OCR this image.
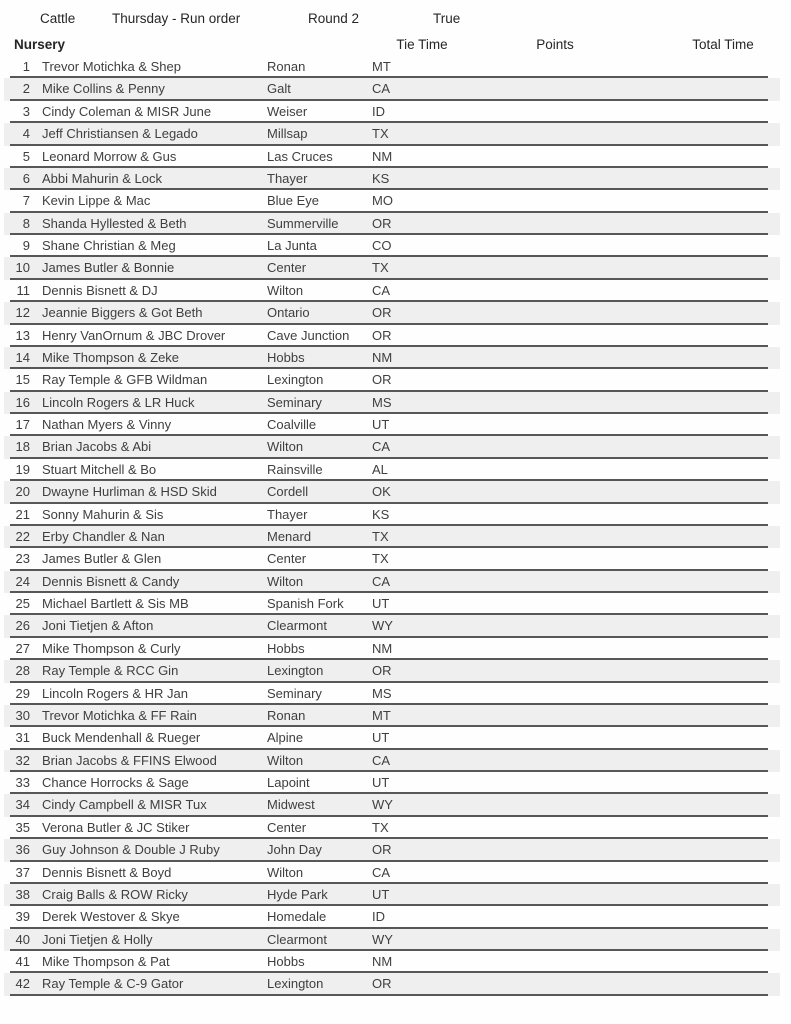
Cattle	Thursday - Run order	Round 2	True
Nursery	Tie Time	Points	Total Time
1 Trevor Motichka & Shep	Ronan	MT
2 Mike Collins & Penny	Galt	CA
3 Cindy Coleman & MISR June	Weiser	ID
4 Jeff Christiansen & Legado	Millsap	TX
5 Leonard Morrow & Gus	Las Cruces	NM
6 Abbi Mahurin & Lock	Thayer	KS
7 Kevin Lippe & Mac	Blue Eye	MO
8 Shanda Hyllested & Beth	Summerville	OR
9 Shane Christian & Meg	La Junta	CO
10 James Butler & Bonnie	Center	TX
11 Dennis Bisnett & DJ	Wilton	CA
12 Jeannie Biggers & Got Beth	Ontario	OR
13 Henry VanOrnum & JBC Drover	Cave Junction OR
14 Mike Thompson & Zeke	Hobbs	NM
15 Ray Temple & GFB Wildman	Lexington	OR
16 Lincoln Rogers & LR Huck	Seminary	MS
17 Nathan Myers & Vinny	Coalville	UT
18 Brian Jacobs & Abi	Wilton	CA
19 Stuart Mitchell & Bo	Rainsville	AL
20 Dwayne Hurliman & HSD Skid	Cordell	OK
21 Sonny Mahurin & Sis	Thayer	KS
22 Erby Chandler & Nan	Menard	TX
23 James Butler & Glen	Center	TX
24 Dennis Bisnett & Candy	Wilton	CA
25 Michael Bartlett & Sis MB	Spanish Fork UT
26 Joni Tietjen & Afton	Clearmont	WY
27 Mike Thompson & Curly	Hobbs	NM
28 Ray Temple & RCC Gin	Lexington	OR
29 Lincoln Rogers & HR Jan	Seminary	MS
30 Trevor Motichka & FF Rain	Ronan	MT
31 Buck Mendenhall & Rueger	Alpine	UT
32 Brian Jacobs & FFINS Elwood	Wilton	CA
33 Chance Horrocks & Sage	Lapoint	UT
34 Cindy Campbell & MISR Tux	Midwest	WY
35 Verona Butler & JC Stiker	Center	TX
36 Guy Johnson & Double J Ruby	John Day	OR
37 Dennis Bisnett & Boyd	Wilton	CA
38 Craig Balls & ROW Ricky	Hyde Park	UT
39 Derek Westover & Skye	Homedale	ID
40 Joni Tietjen & Holly	Clearmont	WY
41 Mike Thompson & Pat	Hobbs	NM
42 Ray Temple & C-9 Gator	Lexington	OR
